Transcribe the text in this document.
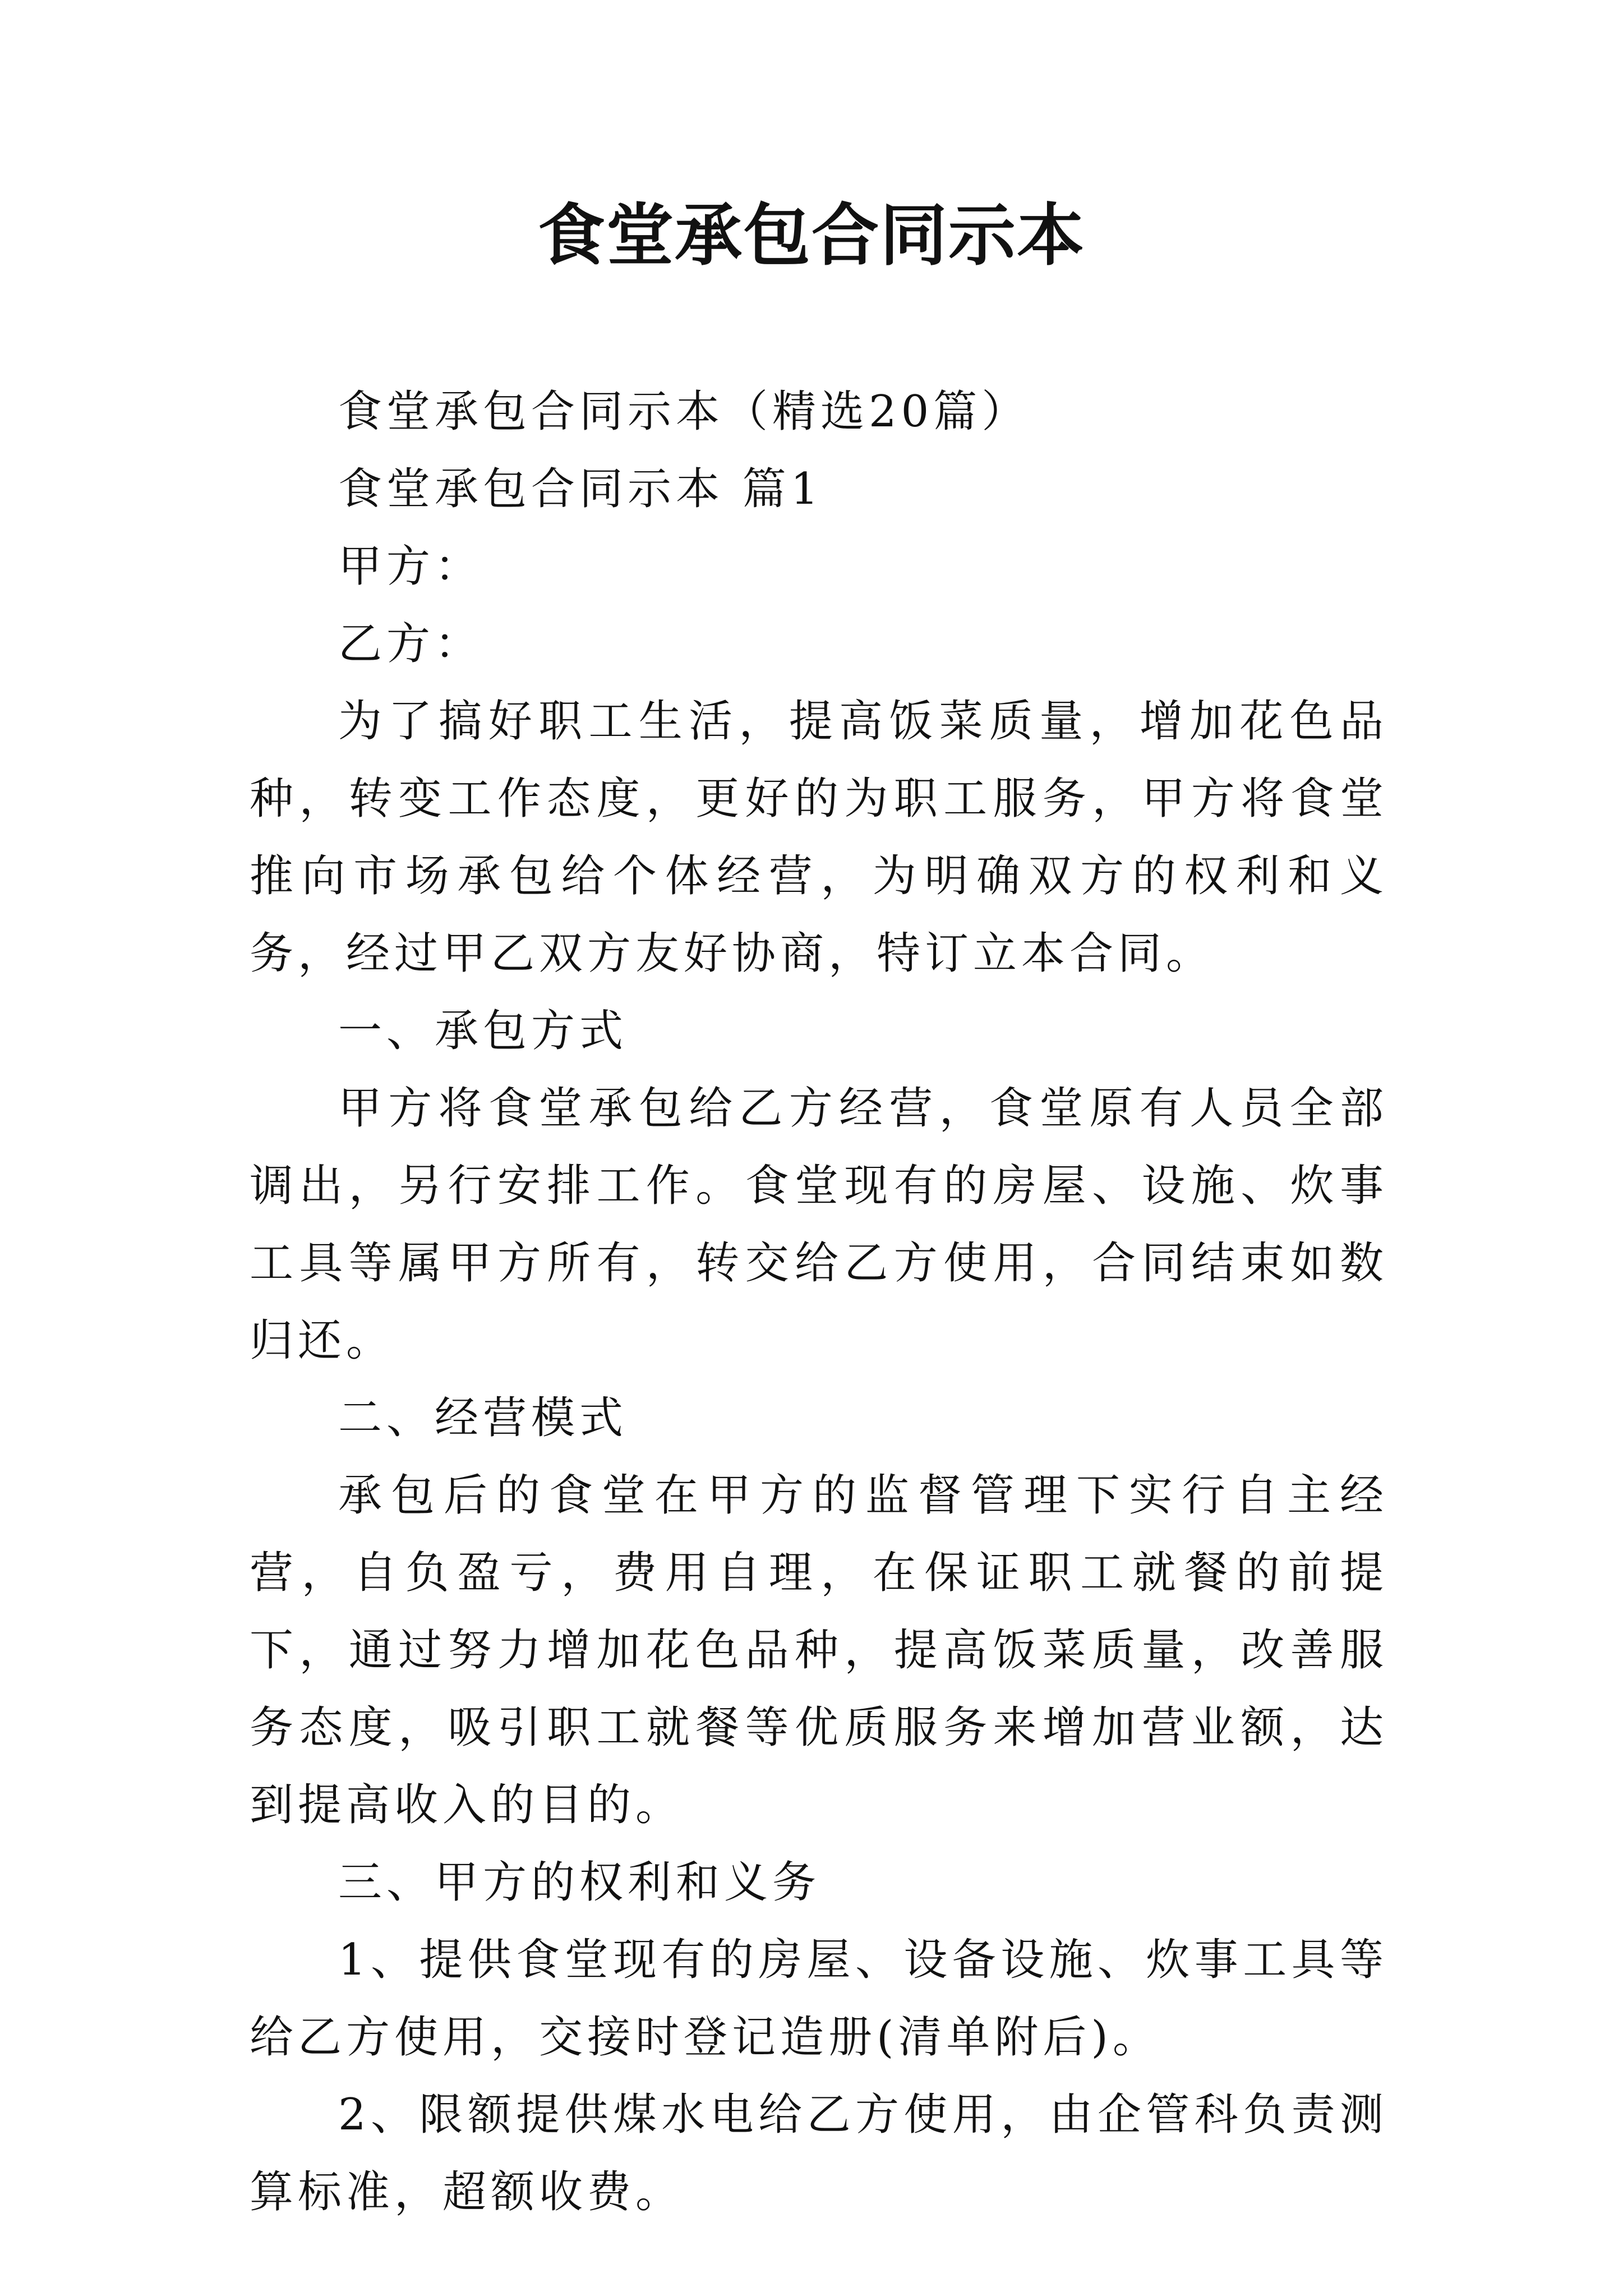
食堂承包合同示本

食堂承包合同示本（精选20篇）

食堂承包合同示本 篇1

甲方：

乙方：

为了搞好职工生活，提高饭菜质量，增加花色品种，转变工作态度，更好的为职工服务，甲方将食堂推向市场承包给个体经营，为明确双方的权利和义务，经过甲乙双方友好协商，特订立本合同。

一、承包方式

甲方将食堂承包给乙方经营，食堂原有人员全部调出，另行安排工作。食堂现有的房屋、设施、炊事工具等属甲方所有，转交给乙方使用，合同结束如数归还。

二、经营模式

承包后的食堂在甲方的监督管理下实行自主经营，自负盈亏，费用自理，在保证职工就餐的前提下，通过努力增加花色品种，提高饭菜质量，改善服务态度，吸引职工就餐等优质服务来增加营业额，达到提高收入的目的。

三、甲方的权利和义务

1、提供食堂现有的房屋、设备设施、炊事工具等给乙方使用，交接时登记造册(清单附后)。

2、限额提供煤水电给乙方使用，由企管科负责测算标准，超额收费。
